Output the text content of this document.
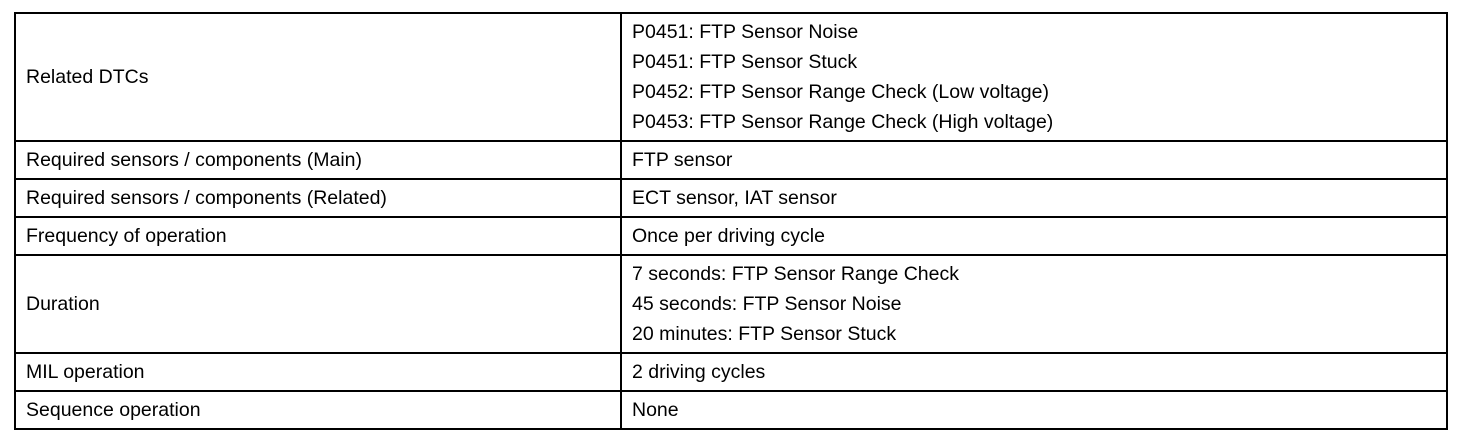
Related DTCs	P0451: FTP Sensor Noise
P0451: FTP Sensor Stuck
P0452: FTP Sensor Range Check (Low voltage)
P0453: FTP Sensor Range Check (High voltage)

Required sensors / components (Main)	FTP sensor
Required sensors / components (Related)	ECT sensor, IAT sensor
Frequency of operation	Once per driving cycle
Duration	7 seconds: FTP Sensor Range Check
45 seconds: FTP Sensor Noise
20 minutes: FTP Sensor Stuck

MIL operation	2 driving cycles
Sequence operation	None
